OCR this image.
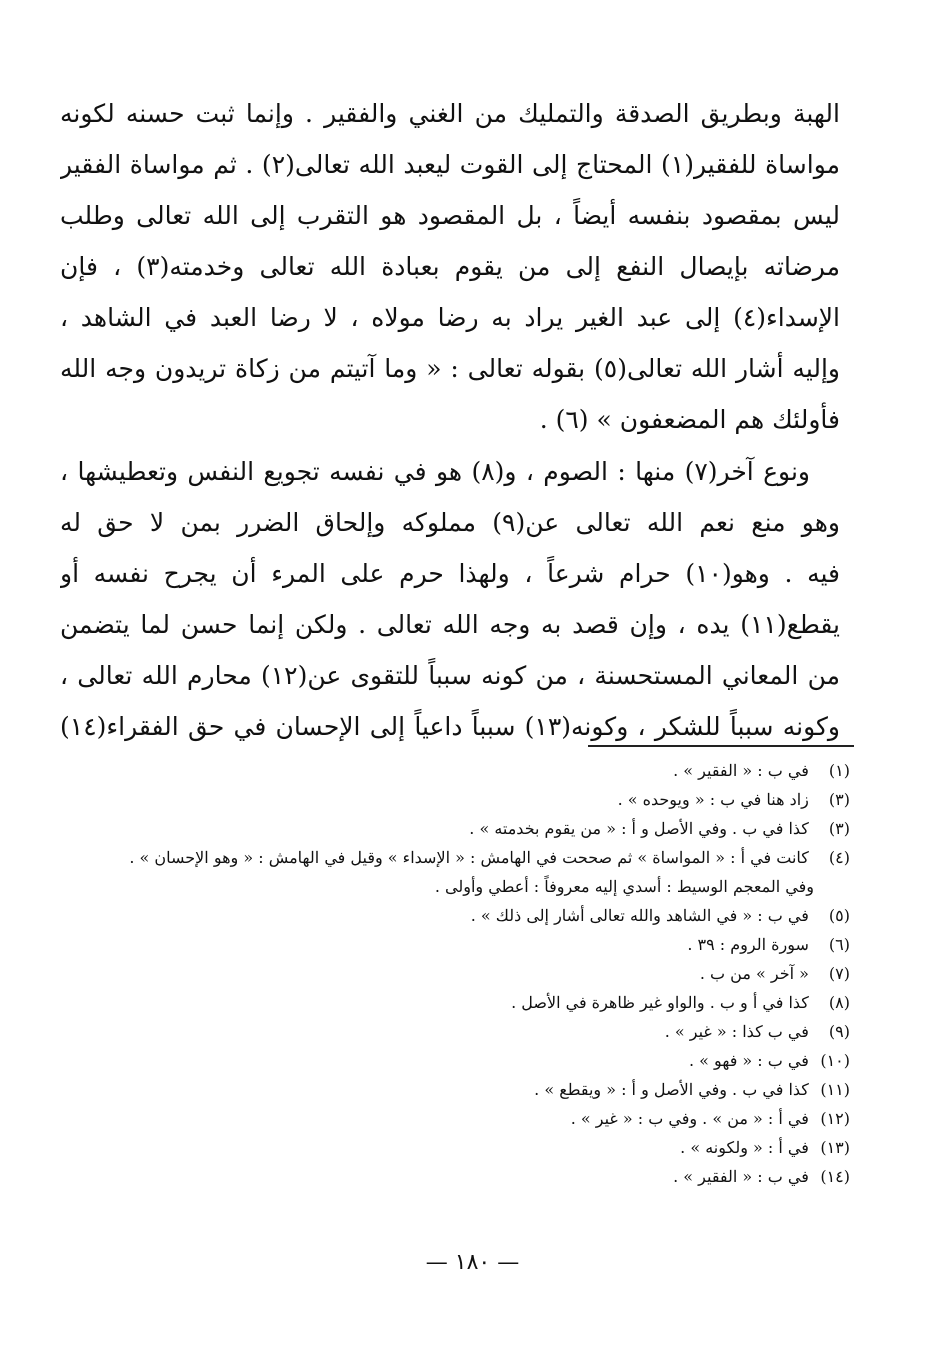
الهبة وبطريق الصدقة والتمليك من الغني والفقير . وإنما ثبت حسنه لكونه
مواساة للفقير(١) المحتاج إلى القوت ليعبد الله تعالى(٢) . ثم مواساة الفقير
ليس بمقصود بنفسه أيضاً ، بل المقصود هو التقرب إلى الله تعالى وطلب
مرضاته بإيصال النفع إلى من يقوم بعبادة الله تعالى وخدمته(٣) ، فإن
الإسداء(٤) إلى عبد الغير يراد به رضا مولاه ، لا رضا العبد في الشاهد ،
وإليه أشار الله تعالى(٥) بقوله تعالى : « وما آتيتم من زكاة تريدون وجه الله
فأولئك هم المضعفون » (٦) .
ونوع آخر(٧) منها : الصوم ، و(٨) هو في نفسه تجويع النفس وتعطيشها ،
وهو منع نعم الله تعالى عن(٩) مملوكه وإلحاق الضرر بمن لا حق له
فيه . وهو(١٠) حرام شرعاً ، ولهذا حرم على المرء أن يجرح نفسه أو
يقطع(١١) يده ، وإن قصد به وجه الله تعالى . ولكن إنما حسن لما يتضمن
من المعاني المستحسنة ، من كونه سبباً للتقوى عن(١٢) محارم الله تعالى ،
وكونه سبباً للشكر ، وكونه(١٣) سبباً داعياً إلى الإحسان في حق الفقراء(١٤)
(١) في ب : « الفقير » .
(٣) زاد هنا في ب : « ويوحده » .
(٣) كذا في ب . وفي الأصل و أ : « من يقوم بخدمته » .
(٤) كانت في أ : « المواساة » ثم صححت في الهامش : « الإسداء » وقيل في الهامش : « وهو الإحسان » .
وفي المعجم الوسيط : أسدي إليه معروفاً : أعطي وأولى .
(٥) في ب : « في الشاهد والله تعالى أشار إلى ذلك » .
(٦) سورة الروم : ٣٩ .
(٧) « آخر » من ب .
(٨) كذا في أ و ب . والواو غير ظاهرة في الأصل .
(٩) في ب كذا : « غير » .
(١٠) في ب : « فهو » .
(١١) كذا في ب . وفي الأصل و أ : « ويقطع » .
(١٢) في أ : « من » . وفي ب : « غير » .
(١٣) في أ : « ولكونه » .
(١٤) في ب : « الفقير » .
— ١٨٠ —
